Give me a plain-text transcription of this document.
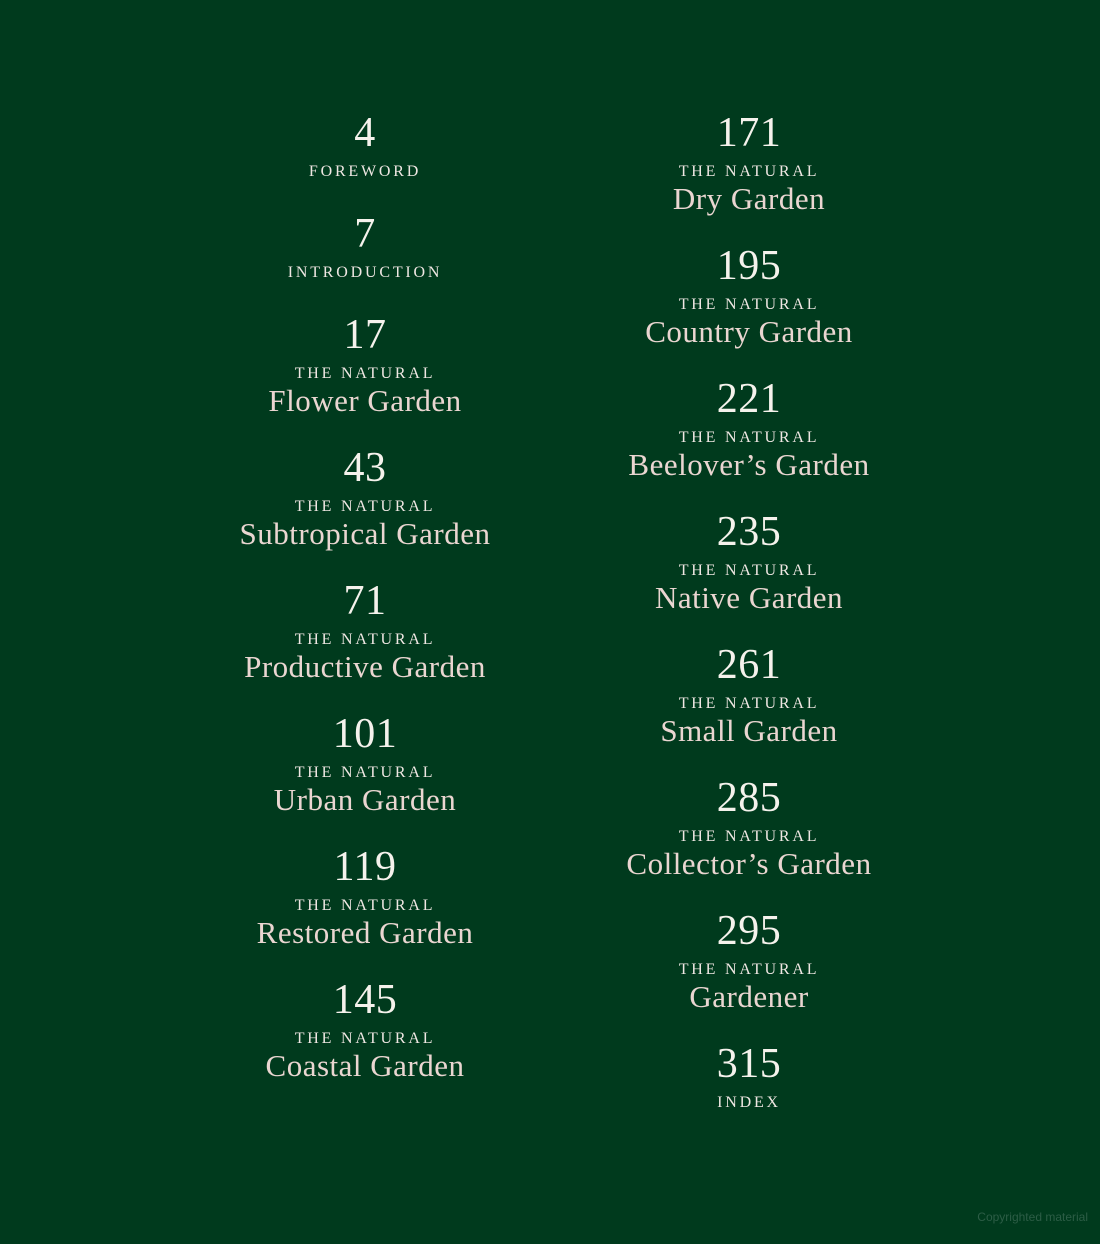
4
FOREWORD
7
INTRODUCTION
17
THE NATURAL
Flower Garden
43
THE NATURAL
Subtropical Garden
71
THE NATURAL
Productive Garden
101
THE NATURAL
Urban Garden
119
THE NATURAL
Restored Garden
145
THE NATURAL
Coastal Garden
171
THE NATURAL
Dry Garden
195
THE NATURAL
Country Garden
221
THE NATURAL
Beelover’s Garden
235
THE NATURAL
Native Garden
261
THE NATURAL
Small Garden
285
THE NATURAL
Collector’s Garden
295
THE NATURAL
Gardener
315
INDEX
Copyrighted material
